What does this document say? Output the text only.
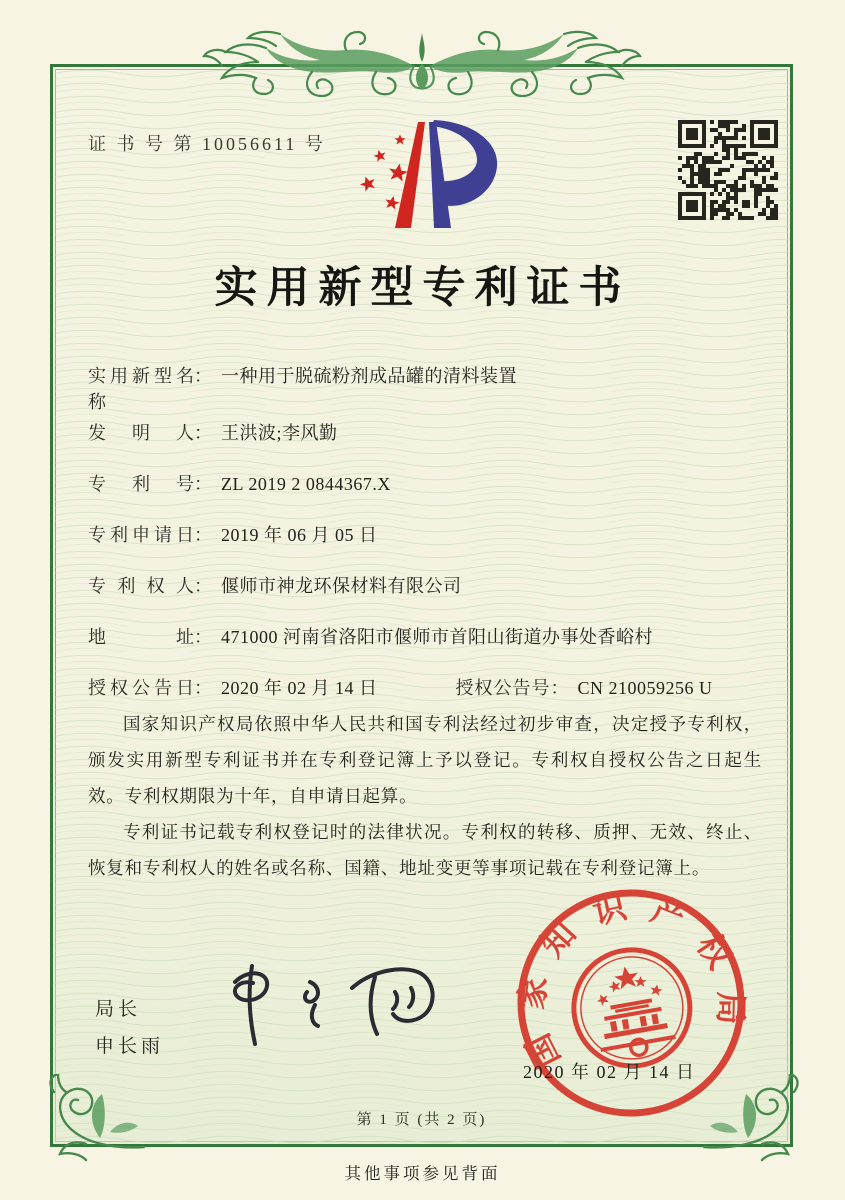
证 书 号 第 10056611 号
实用新型专利证书
实用新型名称
： 一种用于脱硫粉剂成品罐的清料装置
发明人 ： 王洪波;李风勤
专利号 ： ZL 2019 2 0844367.X
专利申请日 ： 2019 年 06 月 05 日
专利权人 ： 偃师市神龙环保材料有限公司
地址 ： 471000 河南省洛阳市偃师市首阳山街道办事处香峪村
授权公告日 ： 2020 年 02 月 14 日	授权公告号 ： CN 210059256 U

国家知识产权局依照中华人民共和国专利法经过初步审查，决定授予专利权，颁发实用新型专利证书并在专利登记簿上予以登记。专利权自授权公告之日起生效。专利权期限为十年，自申请日起算。

专利证书记载专利权登记时的法律状况。专利权的转移、质押、无效、终止、恢复和专利权人的姓名或名称、国籍、地址变更等事项记载在专利登记簿上。

局长
申长雨	国家知识产权局
2020 年 02 月 14 日
第 1 页 (共 2 页)
其他事项参见背面
